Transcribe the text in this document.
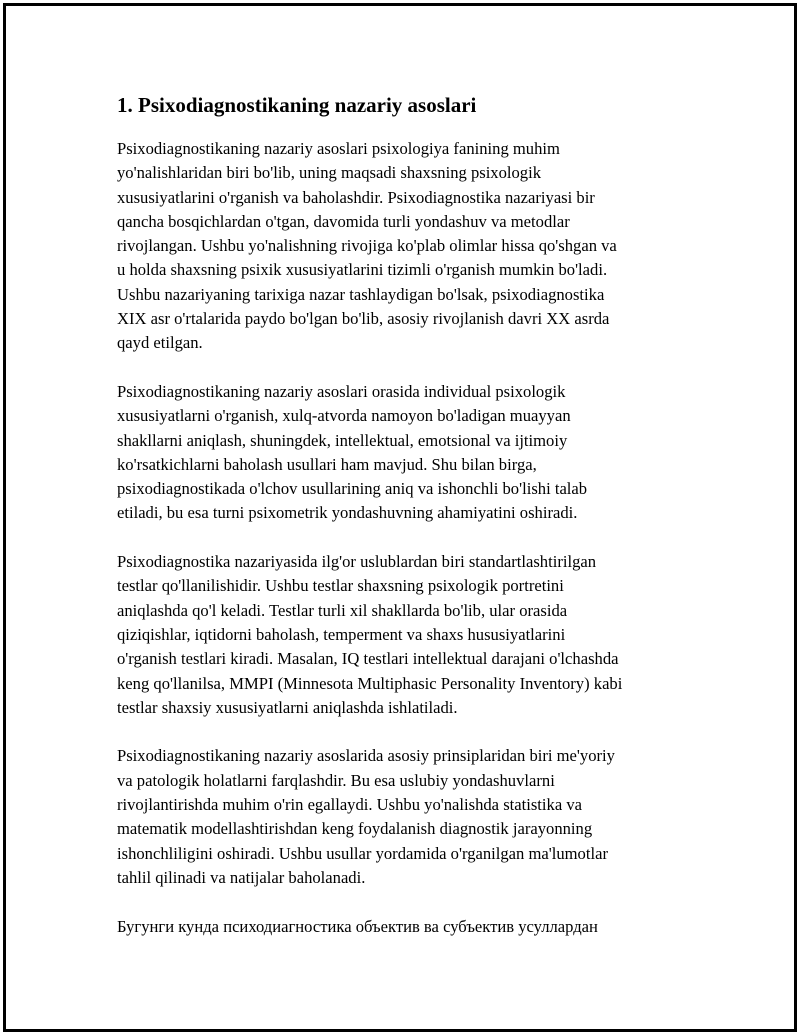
1. Psixodiagnostikaning nazariy asoslari

Psixodiagnostikaning nazariy asoslari psixologiya fanining muhim
yo'nalishlaridan biri bo'lib, uning maqsadi shaxsning psixologik
xususiyatlarini o'rganish va baholashdir. Psixodiagnostika nazariyasi bir
qancha bosqichlardan o'tgan, davomida turli yondashuv va metodlar
rivojlangan. Ushbu yo'nalishning rivojiga ko'plab olimlar hissa qo'shgan va
u holda shaxsning psixik xususiyatlarini tizimli o'rganish mumkin bo'ladi.
Ushbu nazariyaning tarixiga nazar tashlaydigan bo'lsak, psixodiagnostika
XIX asr o'rtalarida paydo bo'lgan bo'lib, asosiy rivojlanish davri XX asrda
qayd etilgan.

Psixodiagnostikaning nazariy asoslari orasida individual psixologik
xususiyatlarni o'rganish, xulq-atvorda namoyon bo'ladigan muayyan
shakllarni aniqlash, shuningdek, intellektual, emotsional va ijtimoiy
ko'rsatkichlarni baholash usullari ham mavjud. Shu bilan birga,
psixodiagnostikada o'lchov usullarining aniq va ishonchli bo'lishi talab
etiladi, bu esa turni psixometrik yondashuvning ahamiyatini oshiradi.

Psixodiagnostika nazariyasida ilg'or uslublardan biri standartlashtirilgan
testlar qo'llanilishidir. Ushbu testlar shaxsning psixologik portretini
aniqlashda qo'l keladi. Testlar turli xil shakllarda bo'lib, ular orasida
qiziqishlar, iqtidorni baholash, temperment va shaxs hususiyatlarini
o'rganish testlari kiradi. Masalan, IQ testlari intellektual darajani o'lchashda
keng qo'llanilsa, MMPI (Minnesota Multiphasic Personality Inventory) kabi
testlar shaxsiy xususiyatlarni aniqlashda ishlatiladi.

Psixodiagnostikaning nazariy asoslarida asosiy prinsiplaridan biri me'yoriy
va patologik holatlarni farqlashdir. Bu esa uslubiy yondashuvlarni
rivojlantirishda muhim o'rin egallaydi. Ushbu yo'nalishda statistika va
matematik modellashtirishdan keng foydalanish diagnostik jarayonning
ishonchliligini oshiradi. Ushbu usullar yordamida o'rganilgan ma'lumotlar
tahlil qilinadi va natijalar baholanadi.

Бугунги кунда психодиагностика объектив ва субъектив усуллардан
